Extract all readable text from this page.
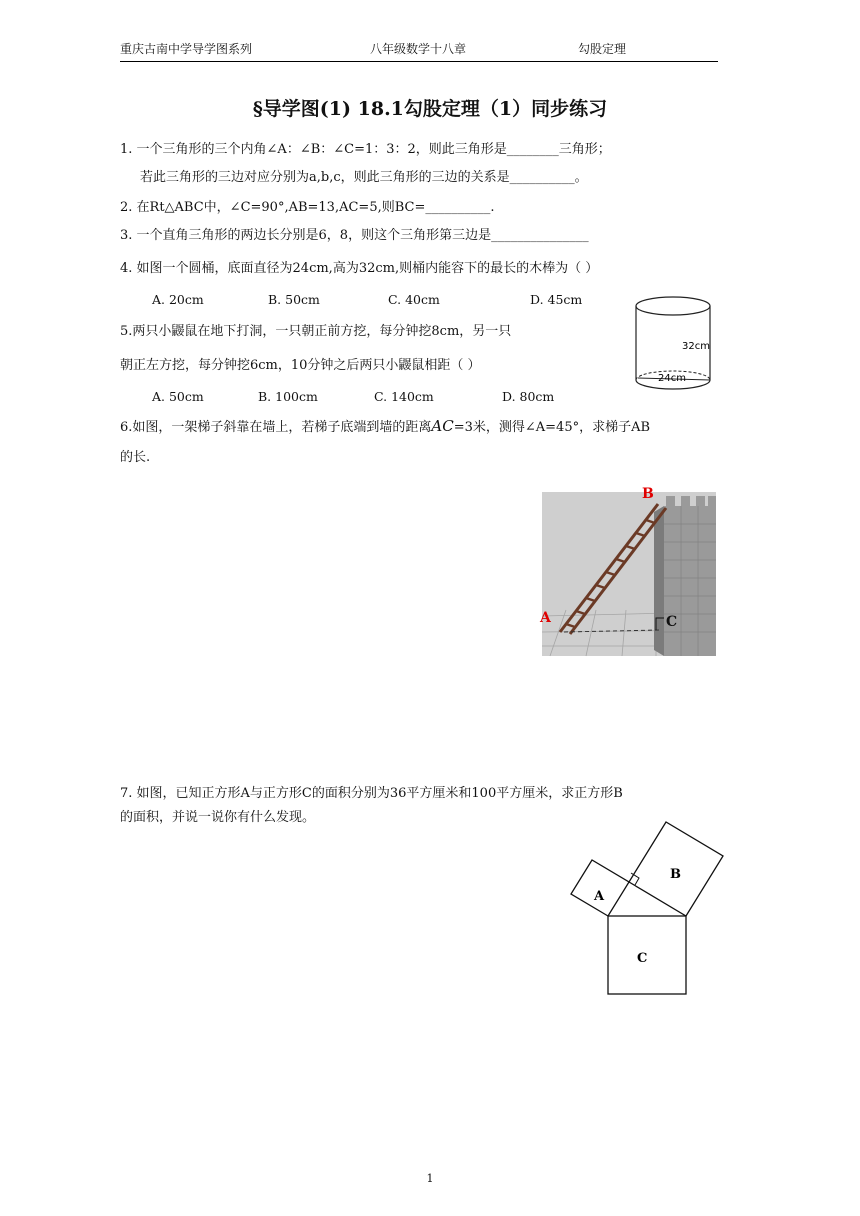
重庆古南中学导学图系列	八年级数学十八章	勾股定理
§导学图(1) 18.1勾股定理（1）同步练习
1. 一个三角形的三个内角∠A：∠B：∠C=1：3：2，则此三角形是________三角形；
若此三角形的三边对应分别为a,b,c，则此三角形的三边的关系是__________。
2. 在Rt△ABC中，∠C=90°,AB=13,AC=5,则BC=__________.
3. 一个直角三角形的两边长分别是6，8，则这个三角形第三边是_______________
4. 如图一个圆桶，底面直径为24cm,高为32cm,则桶内能容下的最长的木棒为（ ）
A. 20cm	B. 50cm	C. 40cm	D. 45cm
5.两只小鼹鼠在地下打洞，一只朝正前方挖，每分钟挖8cm，另一只
朝正左方挖，每分钟挖6cm，10分钟之后两只小鼹鼠相距（ ）
A. 50cm	B. 100cm	C. 140cm	D. 80cm
32cm
24cm
6.如图，一架梯子斜靠在墙上，若梯子底端到墙的距离AC=3米，测得∠A=45°，求梯子AB
的长.
B
A	C
7. 如图，已知正方形A与正方形C的面积分别为36平方厘米和100平方厘米，求正方形B
的面积，并说一说你有什么发现。
A
B
C
1
